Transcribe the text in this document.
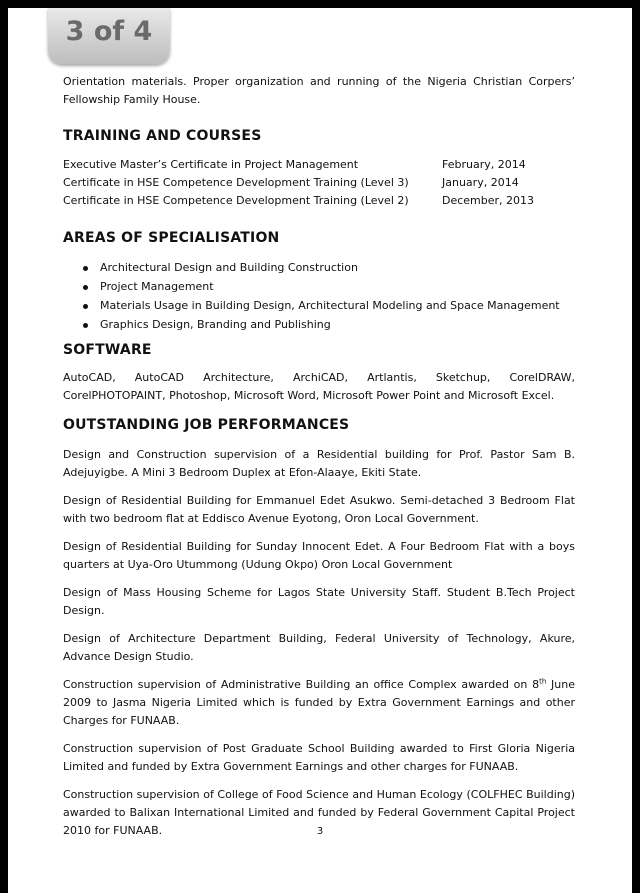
3 of 4

Orientation materials. Proper organization and running of the Nigeria Christian Corpers’ Fellowship Family House.

TRAINING AND COURSES
Executive Master’s Certificate in Project Management	February, 2014
Certificate in HSE Competence Development Training (Level 3)	January, 2014
Certificate in HSE Competence Development Training (Level 2)	December, 2013
AREAS OF SPECIALISATION
Architectural Design and Building Construction
Project Management
Materials Usage in Building Design, Architectural Modeling and Space Management
Graphics Design, Branding and Publishing
SOFTWARE
AutoCAD, AutoCAD Architecture, ArchiCAD, Artlantis, Sketchup, CorelDRAW,
CorelPHOTOPAINT, Photoshop, Microsoft Word, Microsoft Power Point and Microsoft Excel.
OUTSTANDING JOB PERFORMANCES

Design and Construction supervision of a Residential building for Prof. Pastor Sam B. Adejuyigbe. A Mini 3 Bedroom Duplex at Efon-Alaaye, Ekiti State.

Design of Residential Building for Emmanuel Edet Asukwo. Semi-detached 3 Bedroom Flat with two bedroom flat at Eddisco Avenue Eyotong, Oron Local Government.

Design of Residential Building for Sunday Innocent Edet. A Four Bedroom Flat with a boys quarters at Uya-Oro Utummong (Udung Okpo) Oron Local Government

Design of Mass Housing Scheme for Lagos State University Staff. Student B.Tech Project Design.

Design of Architecture Department Building, Federal University of Technology, Akure, Advance Design Studio.

Construction supervision of Administrative Building an office Complex awarded on 8th June 2009 to Jasma Nigeria Limited which is funded by Extra Government Earnings and other Charges for FUNAAB.

Construction supervision of Post Graduate School Building awarded to First Gloria Nigeria Limited and funded by Extra Government Earnings and other charges for FUNAAB.

Construction supervision of College of Food Science and Human Ecology (COLFHEC Building) awarded to Balixan International Limited and funded by Federal Government Capital Project 2010 for FUNAAB.	3
